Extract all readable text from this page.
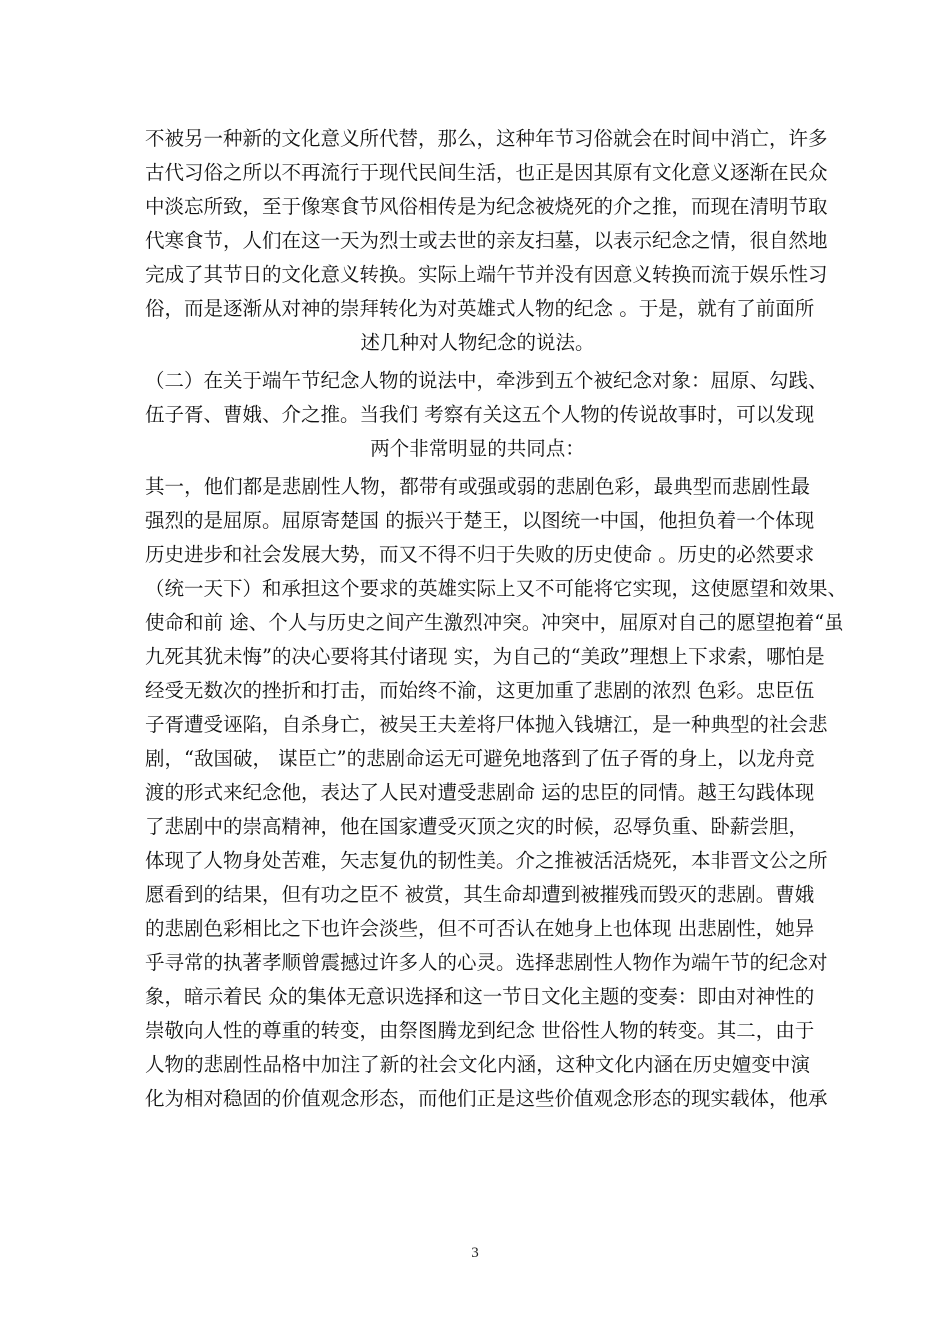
不被另一种新的文化意义所代替，那么，这种年节习俗就会在时间中消亡，许多
古代习俗之所以不再流行于现代民间生活，也正是因其原有文化意义逐渐在民众
中淡忘所致，至于像寒食节风俗相传是为纪念被烧死的介之推，而现在清明节取
代寒食节，人们在这一天为烈士或去世的亲友扫墓，以表示纪念之情，很自然地
完成了其节日的文化意义转换。实际上端午节并没有因意义转换而流于娱乐性习
俗，而是逐渐从对神的崇拜转化为对英雄式人物的纪念 。于是，就有了前面所
述几种对人物纪念的说法。
（二）在关于端午节纪念人物的说法中，牵涉到五个被纪念对象：屈原、勾践、
伍子胥、曹娥、介之推。当我们 考察有关这五个人物的传说故事时，可以发现
两个非常明显的共同点：
其一，他们都是悲剧性人物，都带有或强或弱的悲剧色彩，最典型而悲剧性最
强烈的是屈原。屈原寄楚国 的振兴于楚王，以图统一中国，他担负着一个体现
历史进步和社会发展大势，而又不得不归于失败的历史使命 。历史的必然要求
（统一天下）和承担这个要求的英雄实际上又不可能将它实现，这使愿望和效果、
使命和前 途、个人与历史之间产生激烈冲突。冲突中，屈原对自己的愿望抱着“虽
九死其犹未悔”的决心要将其付诸现 实，为自己的“美政”理想上下求索，哪怕是
经受无数次的挫折和打击，而始终不渝，这更加重了悲剧的浓烈 色彩。忠臣伍
子胥遭受诬陷，自杀身亡，被吴王夫差将尸体抛入钱塘江，是一种典型的社会悲
剧，“敌国破， 谋臣亡”的悲剧命运无可避免地落到了伍子胥的身上，以龙舟竞
渡的形式来纪念他，表达了人民对遭受悲剧命 运的忠臣的同情。越王勾践体现
了悲剧中的崇高精神，他在国家遭受灭顶之灾的时候，忍辱负重、卧薪尝胆，
体现了人物身处苦难，矢志复仇的韧性美。介之推被活活烧死，本非晋文公之所
愿看到的结果，但有功之臣不 被赏，其生命却遭到被摧残而毁灭的悲剧。曹娥
的悲剧色彩相比之下也许会淡些，但不可否认在她身上也体现 出悲剧性，她异
乎寻常的执著孝顺曾震撼过许多人的心灵。选择悲剧性人物作为端午节的纪念对
象，暗示着民 众的集体无意识选择和这一节日文化主题的变奏：即由对神性的
崇敬向人性的尊重的转变，由祭图腾龙到纪念 世俗性人物的转变。其二，由于
人物的悲剧性品格中加注了新的社会文化内涵，这种文化内涵在历史嬗变中演
化为相对稳固的价值观念形态，而他们正是这些价值观念形态的现实载体，他承
3
